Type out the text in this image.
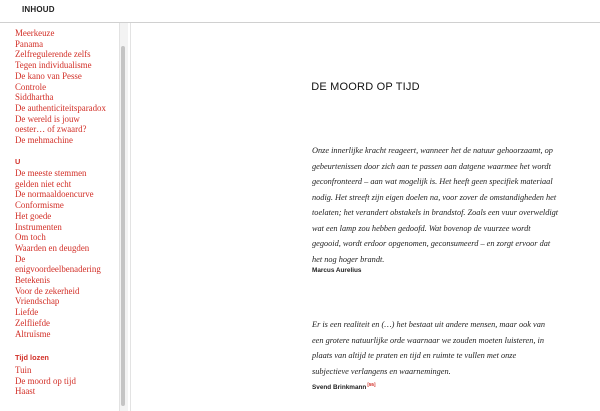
INHOUD
Meerkeuze
Panama
Zelfregulerende zelfs
Tegen individualisme
De kano van Pesse
Controle
Siddhartha
De authenticiteitsparadox
De wereld is jouw
oester… of zwaard?
De mehmachine
U
De meeste stemmen
gelden niet echt
De normaaldoencurve
Conformisme
Het goede
Instrumenten
Om toch
Waarden en deugden
De
enigvoordeelbenadering
Betekenis
Voor de zekerheid
Vriendschap
Liefde
Zelfliefde
Altruïsme
Tijd lozen
Tuin
De moord op tijd
Haast
DE MOORD OP TIJD
Onze innerlijke kracht reageert, wanneer het de natuur gehoorzaamt, op
gebeurtenissen door zich aan te passen aan datgene waarmee het wordt
geconfronteerd – aan wat mogelijk is. Het heeft geen specifiek materiaal
nodig. Het streeft zijn eigen doelen na, voor zover de omstandigheden het
toelaten; het verandert obstakels in brandstof. Zoals een vuur overweldigt
wat een lamp zou hebben gedoofd. Wat bovenop de vuurzee wordt
gegooid, wordt erdoor opgenomen, geconsumeerd – en zorgt ervoor dat
het nog hoger brandt.
Marcus Aurelius
Er is een realiteit en (…) het bestaat uit andere mensen, maar ook van
een grotere natuurlijke orde waarnaar we zouden moeten luisteren, in
plaats van altijd te praten en tijd en ruimte te vullen met onze
subjectieve verlangens en waarnemingen.
Svend Brinkmann[55]
